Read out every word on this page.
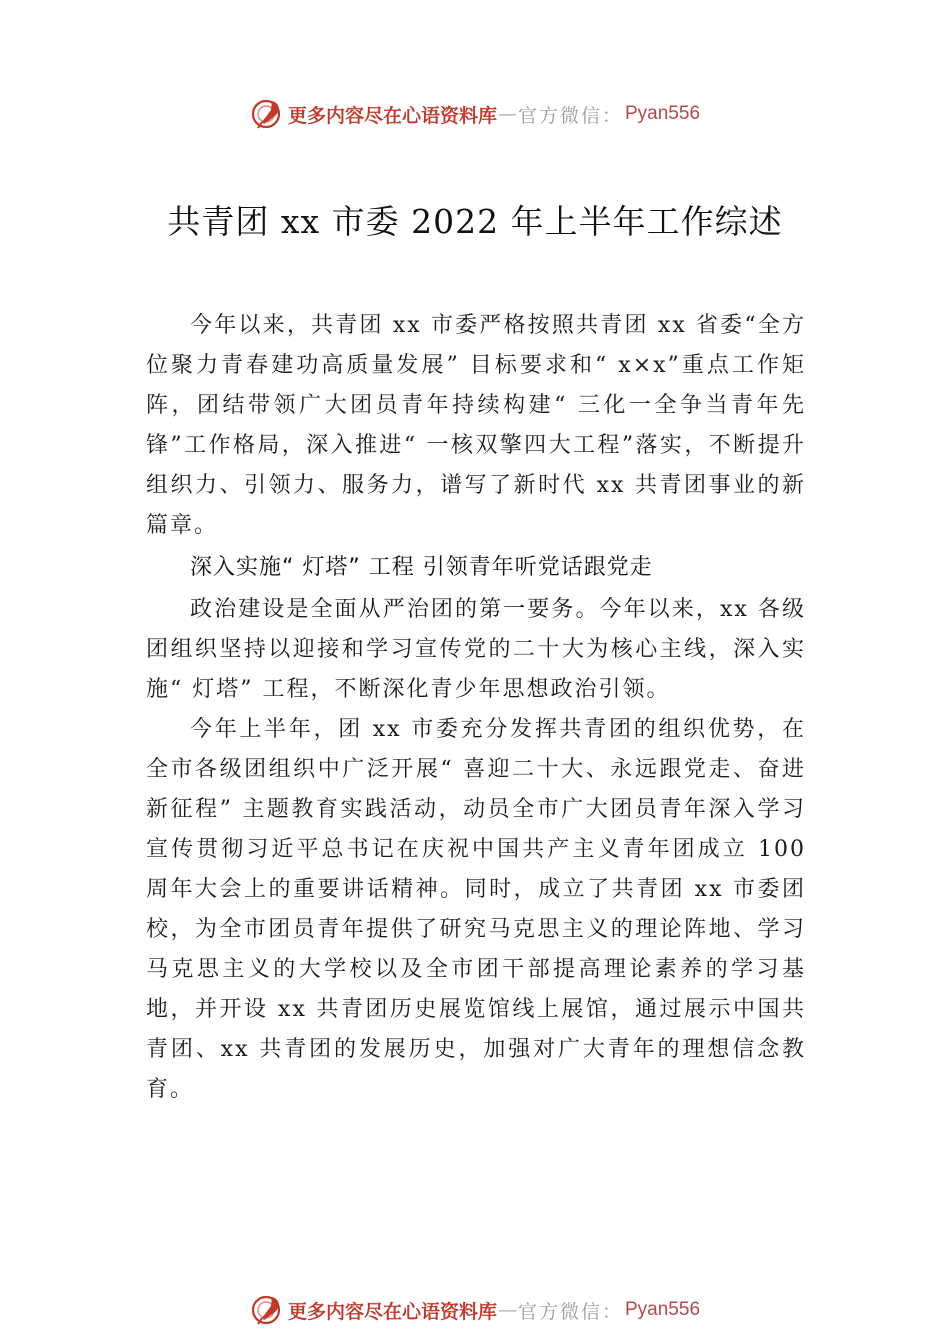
更多内容尽在心语资料库 — 官方微信： Pyan556
共青团 xx 市委 2022 年上半年工作综述

今年以来，共青团 xx 市委严格按照共青团 xx 省委“全方位聚力青春建功高质量发展” 目标要求和“ x×x”重点工作矩阵，团结带领广大团员青年持续构建“ 三化一全争当青年先锋”工作格局，深入推进“ 一核双擎四大工程”落实，不断提升组织力、引领力、服务力，谱写了新时代 xx 共青团事业的新篇章。

深入实施“ 灯塔” 工程 引领青年听党话跟党走

政治建设是全面从严治团的第一要务。今年以来，xx 各级团组织坚持以迎接和学习宣传党的二十大为核心主线，深入实施“ 灯塔” 工程，不断深化青少年思想政治引领。

今年上半年，团 xx 市委充分发挥共青团的组织优势，在全市各级团组织中广泛开展“ 喜迎二十大、永远跟党走、奋进新征程” 主题教育实践活动，动员全市广大团员青年深入学习宣传贯彻习近平总书记在庆祝中国共产主义青年团成立 100 周年大会上的重要讲话精神。同时，成立了共青团 xx 市委团校，为全市团员青年提供了研究马克思主义的理论阵地、学习马克思主义的大学校以及全市团干部提高理论素养的学习基地，并开设 xx 共青团历史展览馆线上展馆，通过展示中国共青团、xx 共青团的发展历史，加强对广大青年的理想信念教育。

更多内容尽在心语资料库 — 官方微信： Pyan556
